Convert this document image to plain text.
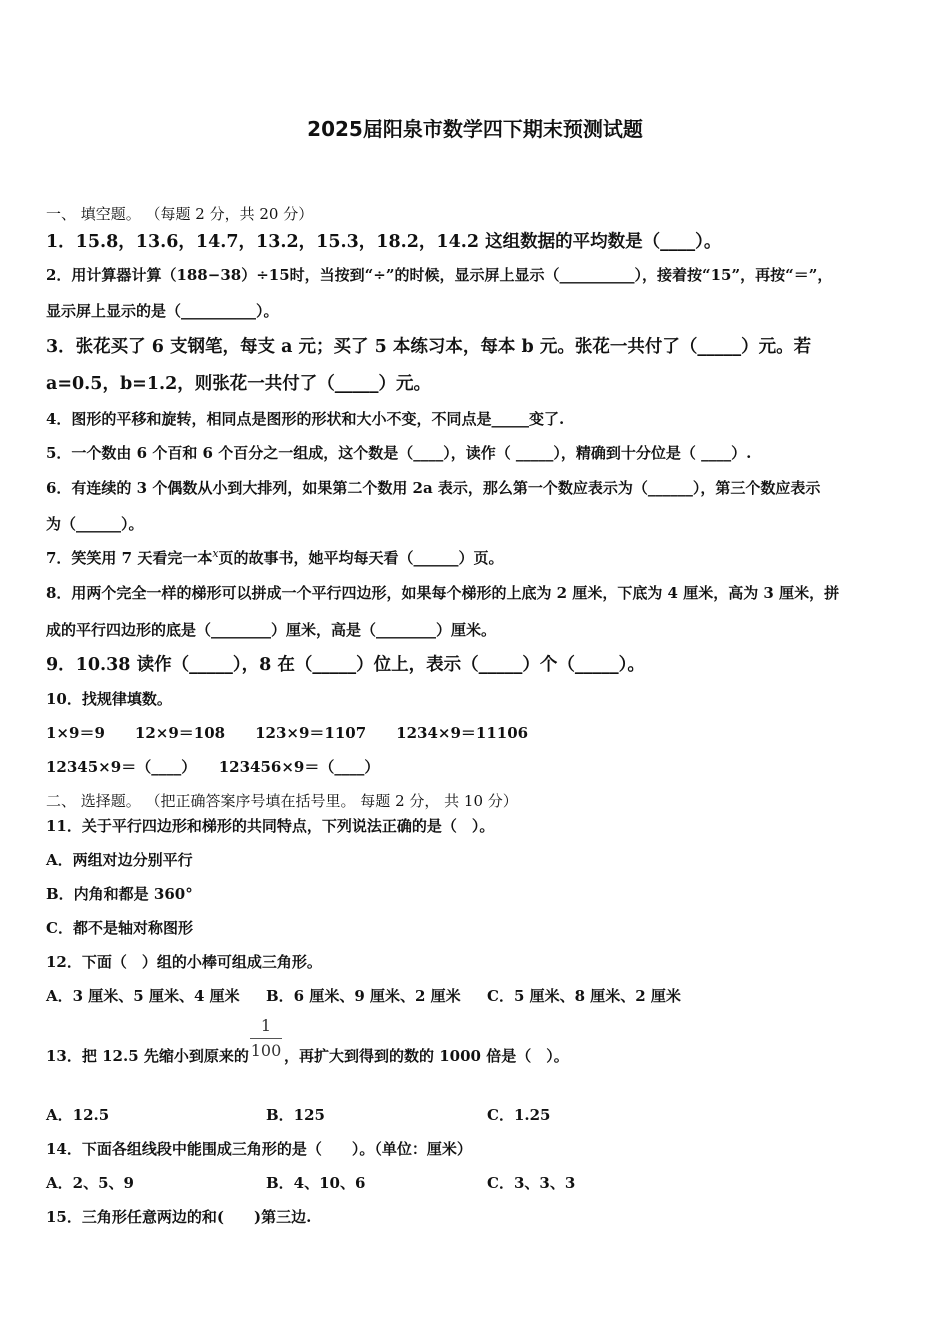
2025届阳泉市数学四下期末预测试题
一、 填空题。 （每题 2 分，共 20 分）
1．15.8，13.6，14.7，13.2，15.3，18.2，14.2 这组数据的平均数是（____）。
2．用计算器计算（188−38）÷15时，当按到“÷”的时候，显示屏上显示（__________），接着按“15”，再按“＝”，
显示屏上显示的是（__________）。
3．张花买了 6 支钢笔，每支 a 元；买了 5 本练习本，每本 b 元。张花一共付了（_____）元。若
a=0.5，b=1.2，则张花一共付了（_____）元。
4．图形的平移和旋转，相同点是图形的形状和大小不变，不同点是_____变了.
5．一个数由 6 个百和 6 个百分之一组成，这个数是（____），读作（ _____），精确到十分位是（ ____）.
6．有连续的 3 个偶数从小到大排列，如果第二个数用 2a 表示，那么第一个数应表示为（______），第三个数应表示
为（______）。
7．笑笑用 7 天看完一本$^x$页的故事书，她平均每天看（______）页。
8．用两个完全一样的梯形可以拼成一个平行四边形，如果每个梯形的上底为 2 厘米，下底为 4 厘米，高为 3 厘米，拼
成的平行四边形的底是（________）厘米，高是（________）厘米。
9．10.38 读作（_____），8 在（_____）位上，表示（_____）个（_____）。
10．找规律填数。
1×9＝9　　12×9＝108　　123×9＝1107　　1234×9＝11106
12345×9＝（____）　　123456×9＝（____）
二、 选择题。 （把正确答案序号填在括号里。 每题 2 分， 共 10 分）
11．关于平行四边形和梯形的共同特点，下列说法正确的是（　）。
A．两组对边分别平行
B．内角和都是 360°
C．都不是轴对称图形
12．下面（　）组的小棒可组成三角形。
A．3 厘米、5 厘米、4 厘米 B．6 厘米、9 厘米、2 厘米 C．5 厘米、8 厘米、2 厘米
13．把 12.5 先缩小到原来的
1
100 ，再扩大到得到的数的 1000 倍是（　）。
A．12.5	B．125	C．1.25
14．下面各组线段中能围成三角形的是（　　）。（单位：厘米）
A．2、5、9	B．4、10、6	C．3、3、3
15．三角形任意两边的和(　　)第三边.
